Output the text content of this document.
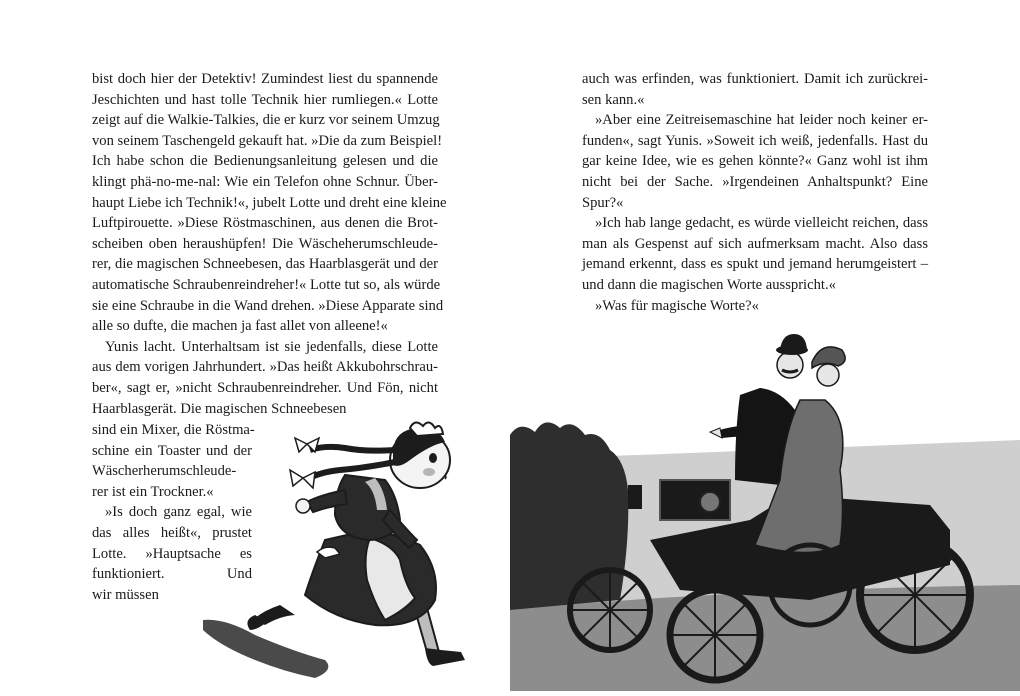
bist doch hier der Detektiv! Zumindest liest du spannende
Jeschichten und hast tolle Technik hier rumliegen.« Lotte
zeigt auf die Walkie-Talkies, die er kurz vor seinem Umzug
von seinem Taschengeld gekauft hat. »Die da zum Beispiel!
Ich habe schon die Bedienungsanleitung gelesen und die
klingt phä-no-me-nal: Wie ein Telefon ohne Schnur. Über-
haupt Liebe ich Technik!«, jubelt Lotte und dreht eine kleine
Luftpirouette. »Diese Röstmaschinen, aus denen die Brot-
scheiben oben heraushüpfen! Die Wäscheherumschleude-
rer, die magischen Schneebesen, das Haarblasgerät und der
automatische Schraubenreindreher!« Lotte tut so, als würde
sie eine Schraube in die Wand drehen. »Diese Apparate sind
alle so dufte, die machen ja fast allet von alleene!«
Yunis lacht. Unterhaltsam ist sie jedenfalls, diese Lotte
aus dem vorigen Jahrhundert. »Das heißt Akkubohrschrau-
ber«, sagt er, »nicht Schraubenreindreher. Und Fön, nicht
Haarblasgerät. Die magischen Schneebesen
sind ein Mixer, die Röstma-
schine ein Toaster und der
Wäscherherumschleude-
rer ist ein Trockner.«
»Is doch ganz egal, wie
das alles heißt«, prustet
Lotte. »Hauptsache es
funktioniert. Und
wir müssen
auch was erfinden, was funktioniert. Damit ich zurückrei-
sen kann.«
»Aber eine Zeitreisemaschine hat leider noch keiner er-
funden«, sagt Yunis. »Soweit ich weiß, jedenfalls. Hast du
gar keine Idee, wie es gehen könnte?« Ganz wohl ist ihm
nicht bei der Sache. »Irgendeinen Anhaltspunkt? Eine
Spur?«
»Ich hab lange gedacht, es würde vielleicht reichen, dass
man als Gespenst auf sich aufmerksam macht. Also dass
jemand erkennt, dass es spukt und jemand herumgeistert –
und dann die magischen Worte ausspricht.«
»Was für magische Worte?«
